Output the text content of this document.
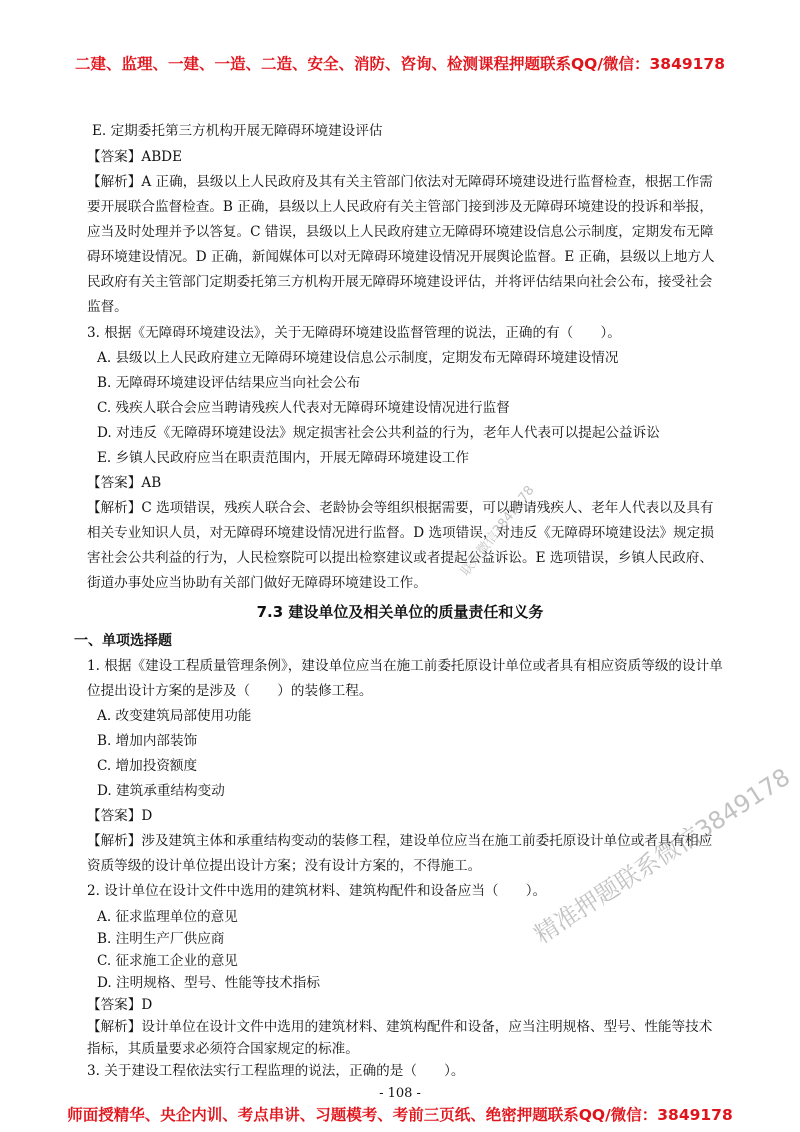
二建、监理、一建、一造、二造、安全、消防、咨询、检测课程押题联系QQ/微信：3849178
E. 定期委托第三方机构开展无障碍环境建设评估
【答案】ABDE
【解析】A 正确，县级以上人民政府及其有关主管部门依法对无障碍环境建设进行监督检查，根据工作需
要开展联合监督检查。B 正确，县级以上人民政府有关主管部门接到涉及无障碍环境建设的投诉和举报，
应当及时处理并予以答复。C 错误，县级以上人民政府建立无障碍环境建设信息公示制度，定期发布无障
碍环境建设情况。D 正确，新闻媒体可以对无障碍环境建设情况开展舆论监督。E 正确，县级以上地方人
民政府有关主管部门定期委托第三方机构开展无障碍环境建设评估，并将评估结果向社会公布，接受社会
监督。
3. 根据《无障碍环境建设法》，关于无障碍环境建设监督管理的说法，正确的有（　　）。
A. 县级以上人民政府建立无障碍环境建设信息公示制度，定期发布无障碍环境建设情况
B. 无障碍环境建设评估结果应当向社会公布
C. 残疾人联合会应当聘请残疾人代表对无障碍环境建设情况进行监督
D. 对违反《无障碍环境建设法》规定损害社会公共利益的行为，老年人代表可以提起公益诉讼
E. 乡镇人民政府应当在职责范围内，开展无障碍环境建设工作
【答案】AB
【解析】C 选项错误，残疾人联合会、老龄协会等组织根据需要，可以聘请残疾人、老年人代表以及具有
相关专业知识人员，对无障碍环境建设情况进行监督。D 选项错误，对违反《无障碍环境建设法》规定损
害社会公共利益的行为，人民检察院可以提出检察建议或者提起公益诉讼。E 选项错误，乡镇人民政府、
街道办事处应当协助有关部门做好无障碍环境建设工作。
7.3 建设单位及相关单位的质量责任和义务
一、单项选择题
1. 根据《建设工程质量管理条例》，建设单位应当在施工前委托原设计单位或者具有相应资质等级的设计单
位提出设计方案的是涉及（　　）的装修工程。
A. 改变建筑局部使用功能
B. 增加内部装饰
C. 增加投资额度
D. 建筑承重结构变动
【答案】D
【解析】涉及建筑主体和承重结构变动的装修工程，建设单位应当在施工前委托原设计单位或者具有相应
资质等级的设计单位提出设计方案；没有设计方案的，不得施工。
2. 设计单位在设计文件中选用的建筑材料、建筑构配件和设备应当（　　）。
A. 征求监理单位的意见
B. 注明生产厂供应商
C. 征求施工企业的意见
D. 注明规格、型号、性能等技术指标
【答案】D
【解析】设计单位在设计文件中选用的建筑材料、建筑构配件和设备，应当注明规格、型号、性能等技术
指标，其质量要求必须符合国家规定的标准。
3. 关于建设工程依法实行工程监理的说法，正确的是（　　）。
联系微信3849178
精准押题联系微信3849178
- 108 -
师面授精华、央企内训、考点串讲、习题模考、考前三页纸、绝密押题联系QQ/微信：3849178
